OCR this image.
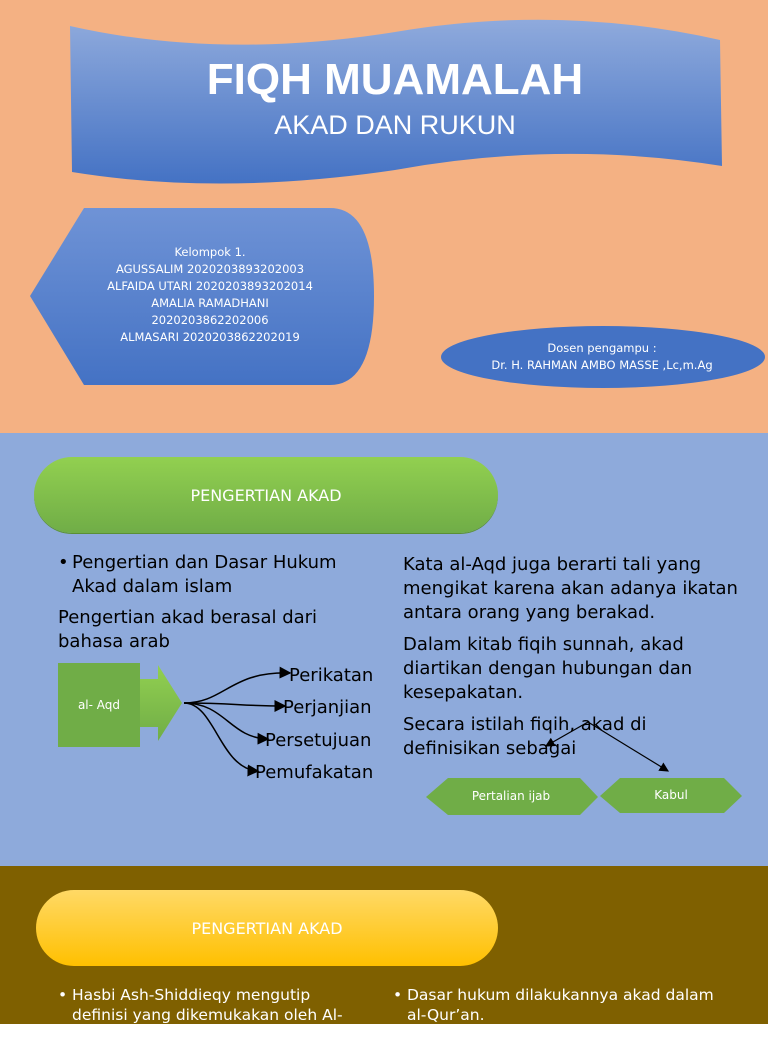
FIQH MUAMALAH
AKAD DAN RUKUN
Kelompok 1.
AGUSSALIM 2020203893202003
ALFAIDA UTARI 2020203893202014
AMALIA RAMADHANI
2020203862202006
ALMASARI 2020203862202019
Dosen pengampu :
Dr. H. RAHMAN AMBO MASSE ,Lc,m.Ag
PENGERTIAN AKAD
• Pengertian dan Dasar Hukum Akad dalam islam
Pengertian akad berasal dari bahasa arab
al- Aqd
Perikatan
Perjanjian
Persetujuan
Pemufakatan

Kata al-Aqd juga berarti tali yang mengikat karena akan adanya ikatan antara orang yang berakad.

Dalam kitab fiqih sunnah, akad diartikan dengan hubungan dan kesepakatan.

Secara istilah fiqih, akad di definisikan sebagai

Pertalian ijab	Kabul
PENGERTIAN AKAD
• Hasbi Ash-Shiddieqy mengutip definisi yang dikemukakan oleh Al-Sanbury,
• Dasar hukum dilakukannya akad dalam al-Qur’an.
